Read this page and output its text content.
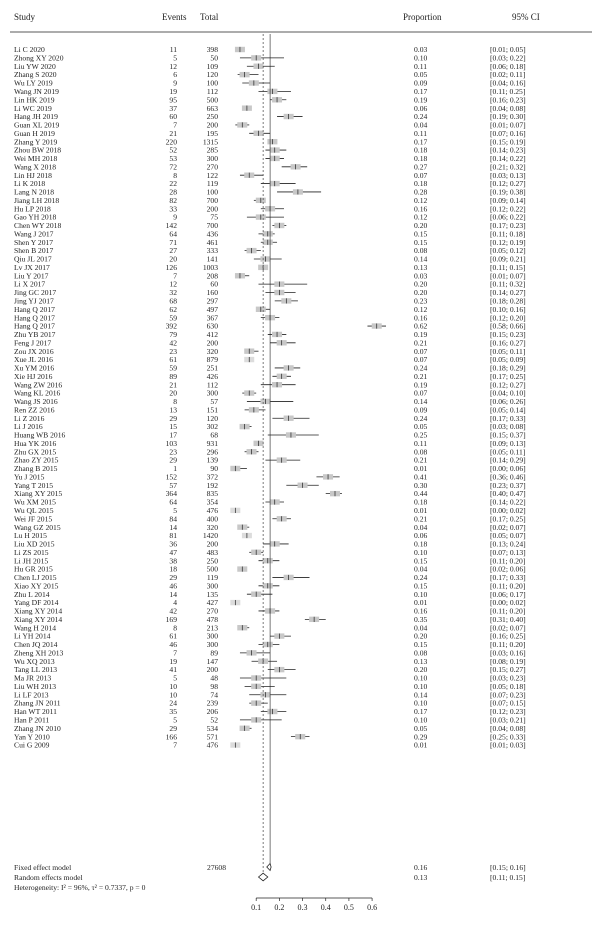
Study	Events Total	Proportion	95% CI
Li C 2020	11	398	0.03	[0.01; 0.05]
Zhong XY 2020	5	50	0.10	[0.03; 0.22]
Liu YW 2020	12	109	0.11	[0.06; 0.18]
Zhang S 2020	6	120	0.05	[0.02; 0.11]
Wu LY 2019	9	100	0.09	[0.04; 0.16]
Wang JN 2019	19	112	0.17	[0.11; 0.25]
Lin HK 2019	95	500	0.19	[0.16; 0.23]
Li WC 2019	37	663	0.06	[0.04; 0.08]
Hang JH 2019	60	250	0.24	[0.19; 0.30]
Guan XL 2019	7	200	0.04	[0.01; 0.07]
Guan H 2019	21	195	0.11	[0.07; 0.16]
Zhang Y 2019	220	1315	0.17	[0.15; 0.19]
Zhou BW 2018	52	285	0.18	[0.14; 0.23]
Wei MH 2018	53	300	0.18	[0.14; 0.22]
Wang X 2018	72	270	0.27	[0.21; 0.32]
Lin HJ 2018	8	122	0.07	[0.03; 0.13]
Li K 2018	22	119	0.18	[0.12; 0.27]
Lang N 2018	28	100	0.28	[0.19; 0.38]
Jiang LH 2018	82	700	0.12	[0.09; 0.14]
Hu LP 2018	33	200	0.16	[0.12; 0.22]
Gao YH 2018	9	75	0.12	[0.06; 0.22]
Chen WY 2018	142	700	0.20	[0.17; 0.23]
Wang J 2017	64	436	0.15	[0.11; 0.18]
Shen Y 2017	71	461	0.15	[0.12; 0.19]
Shen B 2017	27	333	0.08	[0.05; 0.12]
Qiu JL 2017	20	141	0.14	[0.09; 0.21]
Lv JX 2017	126	1003	0.13	[0.11; 0.15]
Liu Y 2017	7	208	0.03	[0.01; 0.07]
Li X 2017	12	60	0.20	[0.11; 0.32]
Jing GC 2017	32	160	0.20	[0.14; 0.27]
Jing YJ 2017	68	297	0.23	[0.18; 0.28]
Hang Q 2017	62	497	0.12	[0.10; 0.16]
Hang Q 2017	59	367	0.16	[0.12; 0.20]
Hang Q 2017	392	630	0.62	[0.58; 0.66]
Zhu YB 2017	79	412	0.19	[0.15; 0.23]
Feng J 2017	42	200	0.21	[0.16; 0.27]
Zou JX 2016	23	320	0.07	[0.05; 0.11]
Xue JL 2016	61	879	0.07	[0.05; 0.09]
Xu YM 2016	59	251	0.24	[0.18; 0.29]
Xie HJ 2016	89	426	0.21	[0.17; 0.25]
Wang ZW 2016	21	112	0.19	[0.12; 0.27]
Wang KL 2016	20	300	0.07	[0.04; 0.10]
Wang JS 2016	8	57	0.14	[0.06; 0.26]
Ren ZZ 2016	13	151	0.09	[0.05; 0.14]
Li Z 2016	29	120	0.24	[0.17; 0.33]
Li J 2016	15	302	0.05	[0.03; 0.08]
Huang WB 2016	17	68	0.25	[0.15; 0.37]
Hua YK 2016	103	931	0.11	[0.09; 0.13]
Zhu GX 2015	23	296	0.08	[0.05; 0.11]
Zhao ZY 2015	29	139	0.21	[0.14; 0.29]
Zhang B 2015	1	90	0.01	[0.00; 0.06]
Yu J 2015	152	372	0.41	[0.36; 0.46]
Yang T 2015	57	192	0.30	[0.23; 0.37]
Xiang XY 2015	364	835	0.44	[0.40; 0.47]
Wu XM 2015	64	354	0.18	[0.14; 0.22]
Wu QL 2015	5	476	0.01	[0.00; 0.02]
Wei JF 2015	84	400	0.21	[0.17; 0.25]
Wang GZ 2015	14	320	0.04	[0.02; 0.07]
Lu H 2015	81	1420	0.06	[0.05; 0.07]
Liu XD 2015	36	200	0.18	[0.13; 0.24]
Li ZS 2015	47	483	0.10	[0.07; 0.13]
Li JH 2015	38	250	0.15	[0.11; 0.20]
Hu GR 2015	18	500	0.04	[0.02; 0.06]
Chen LJ 2015	29	119	0.24	[0.17; 0.33]
Xiao XY 2015	46	300	0.15	[0.11; 0.20]
Zhu L 2014	14	135	0.10	[0.06; 0.17]
Yang DF 2014	4	427	0.01	[0.00; 0.02]
Xiang XY 2014	42	270	0.16	[0.11; 0.20]
Xiang XY 2014	169	478	0.35	[0.31; 0.40]
Wang H 2014	8	213	0.04	[0.02; 0.07]
Li YH 2014	61	300	0.20	[0.16; 0.25]
Chen JQ 2014	46	300	0.15	[0.11; 0.20]
Zheng XH 2013	7	89	0.08	[0.03; 0.16]
Wu XQ 2013	19	147	0.13	[0.08; 0.19]
Tang LL 2013	41	200	0.20	[0.15; 0.27]
Ma JR 2013	5	48	0.10	[0.03; 0.23]
Liu WH 2013	10	98	0.10	[0.05; 0.18]
Li LF 2013	10	74	0.14	[0.07; 0.23]
Zhang JN 2011	24	239	0.10	[0.07; 0.15]
Han WT 2011	35	206	0.17	[0.12; 0.23]
Han P 2011	5	52	0.10	[0.03; 0.21]
Zhang JN 2010	29	534	0.05	[0.04; 0.08]
Yan Y 2010	166	571	0.29	[0.25; 0.33]
Cui G 2009	7	476	0.01	[0.01; 0.03]
0.1 0.2 0.3 0.4 0.5 0.6
Fixed effect model	27608	0.16	[0.15; 0.16]
Random effects model	0.13	[0.11; 0.15]
Heterogeneity: I² = 96%, τ² = 0.7337, p = 0
